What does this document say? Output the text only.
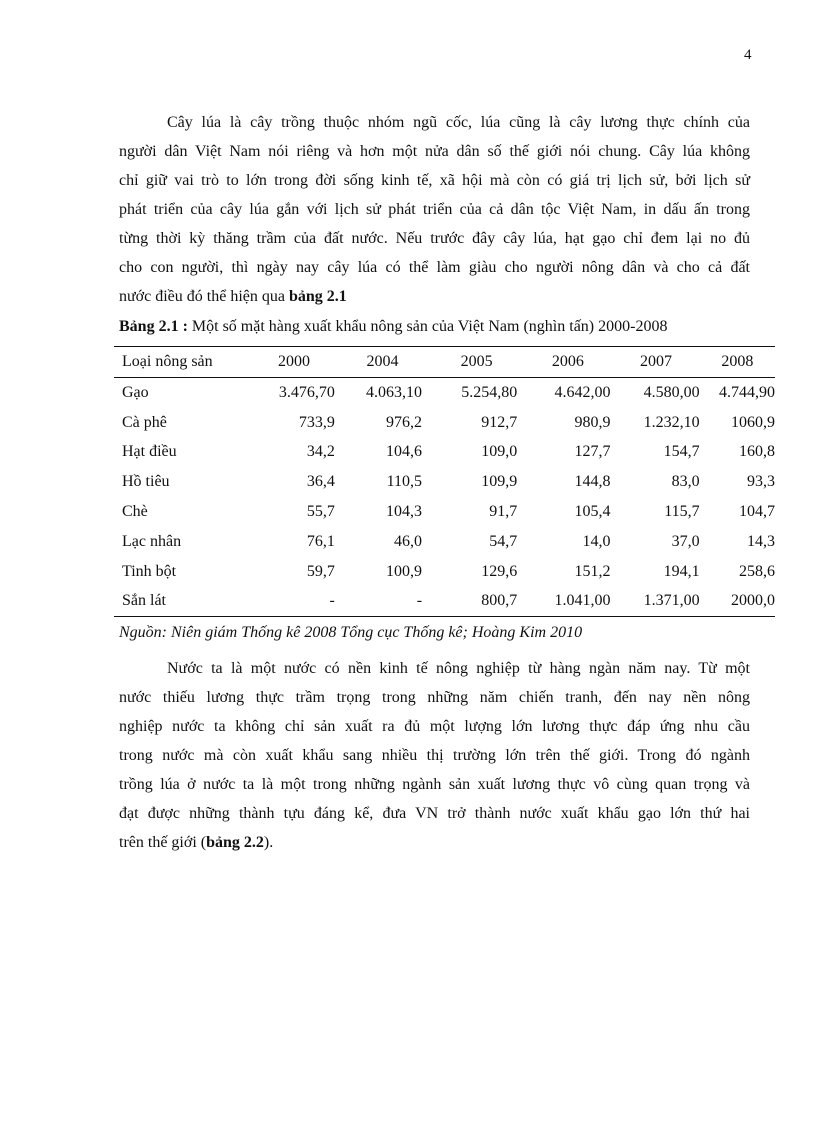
4

Cây lúa là cây trồng thuộc nhóm ngũ cốc, lúa cũng là cây lương thực chính của
người dân Việt Nam nói riêng và hơn một nửa dân số thế giới nói chung. Cây lúa không
chỉ giữ vai trò to lớn trong đời sống kinh tế, xã hội mà còn có giá trị lịch sử, bởi lịch sử
phát triển của cây lúa gắn với lịch sử phát triển của cả dân tộc Việt Nam, in dấu ấn trong
từng thời kỳ thăng trầm của đất nước. Nếu trước đây cây lúa, hạt gạo chỉ đem lại no đủ
cho con người, thì ngày nay cây lúa có thể làm giàu cho người nông dân và cho cả đất
nước điều đó thể hiện qua bảng 2.1

Bảng 2.1 : Một số mặt hàng xuất khẩu nông sản của Việt Nam (nghìn tấn) 2000-2008
Loại nông sản	2000	2004	2005	2006	2007	2008
Gạo	3.476,70	4.063,10	5.254,80	4.642,00	4.580,00	4.744,90
Cà phê	733,9	976,2	912,7	980,9	1.232,10	1060,9
Hạt điều	34,2	104,6	109,0	127,7	154,7	160,8
Hồ tiêu	36,4	110,5	109,9	144,8	83,0	93,3
Chè	55,7	104,3	91,7	105,4	115,7	104,7
Lạc nhân	76,1	46,0	54,7	14,0	37,0	14,3
Tinh bột	59,7	100,9	129,6	151,2	194,1	258,6
Sắn lát	-	-	800,7	1.041,00	1.371,00	2000,0
Nguồn: Niên giám Thống kê 2008 Tổng cục Thống kê; Hoàng Kim 2010

Nước ta là một nước có nền kinh tế nông nghiệp từ hàng ngàn năm nay. Từ một
nước thiếu lương thực trầm trọng trong những năm chiến tranh, đến nay nền nông
nghiệp nước ta không chỉ sản xuất ra đủ một lượng lớn lương thực đáp ứng nhu cầu
trong nước mà còn xuất khẩu sang nhiều thị trường lớn trên thế giới. Trong đó ngành
trồng lúa ở nước ta là một trong những ngành sản xuất lương thực vô cùng quan trọng và
đạt được những thành tựu đáng kể, đưa VN trở thành nước xuất khẩu gạo lớn thứ hai
trên thế giới (bảng 2.2).
